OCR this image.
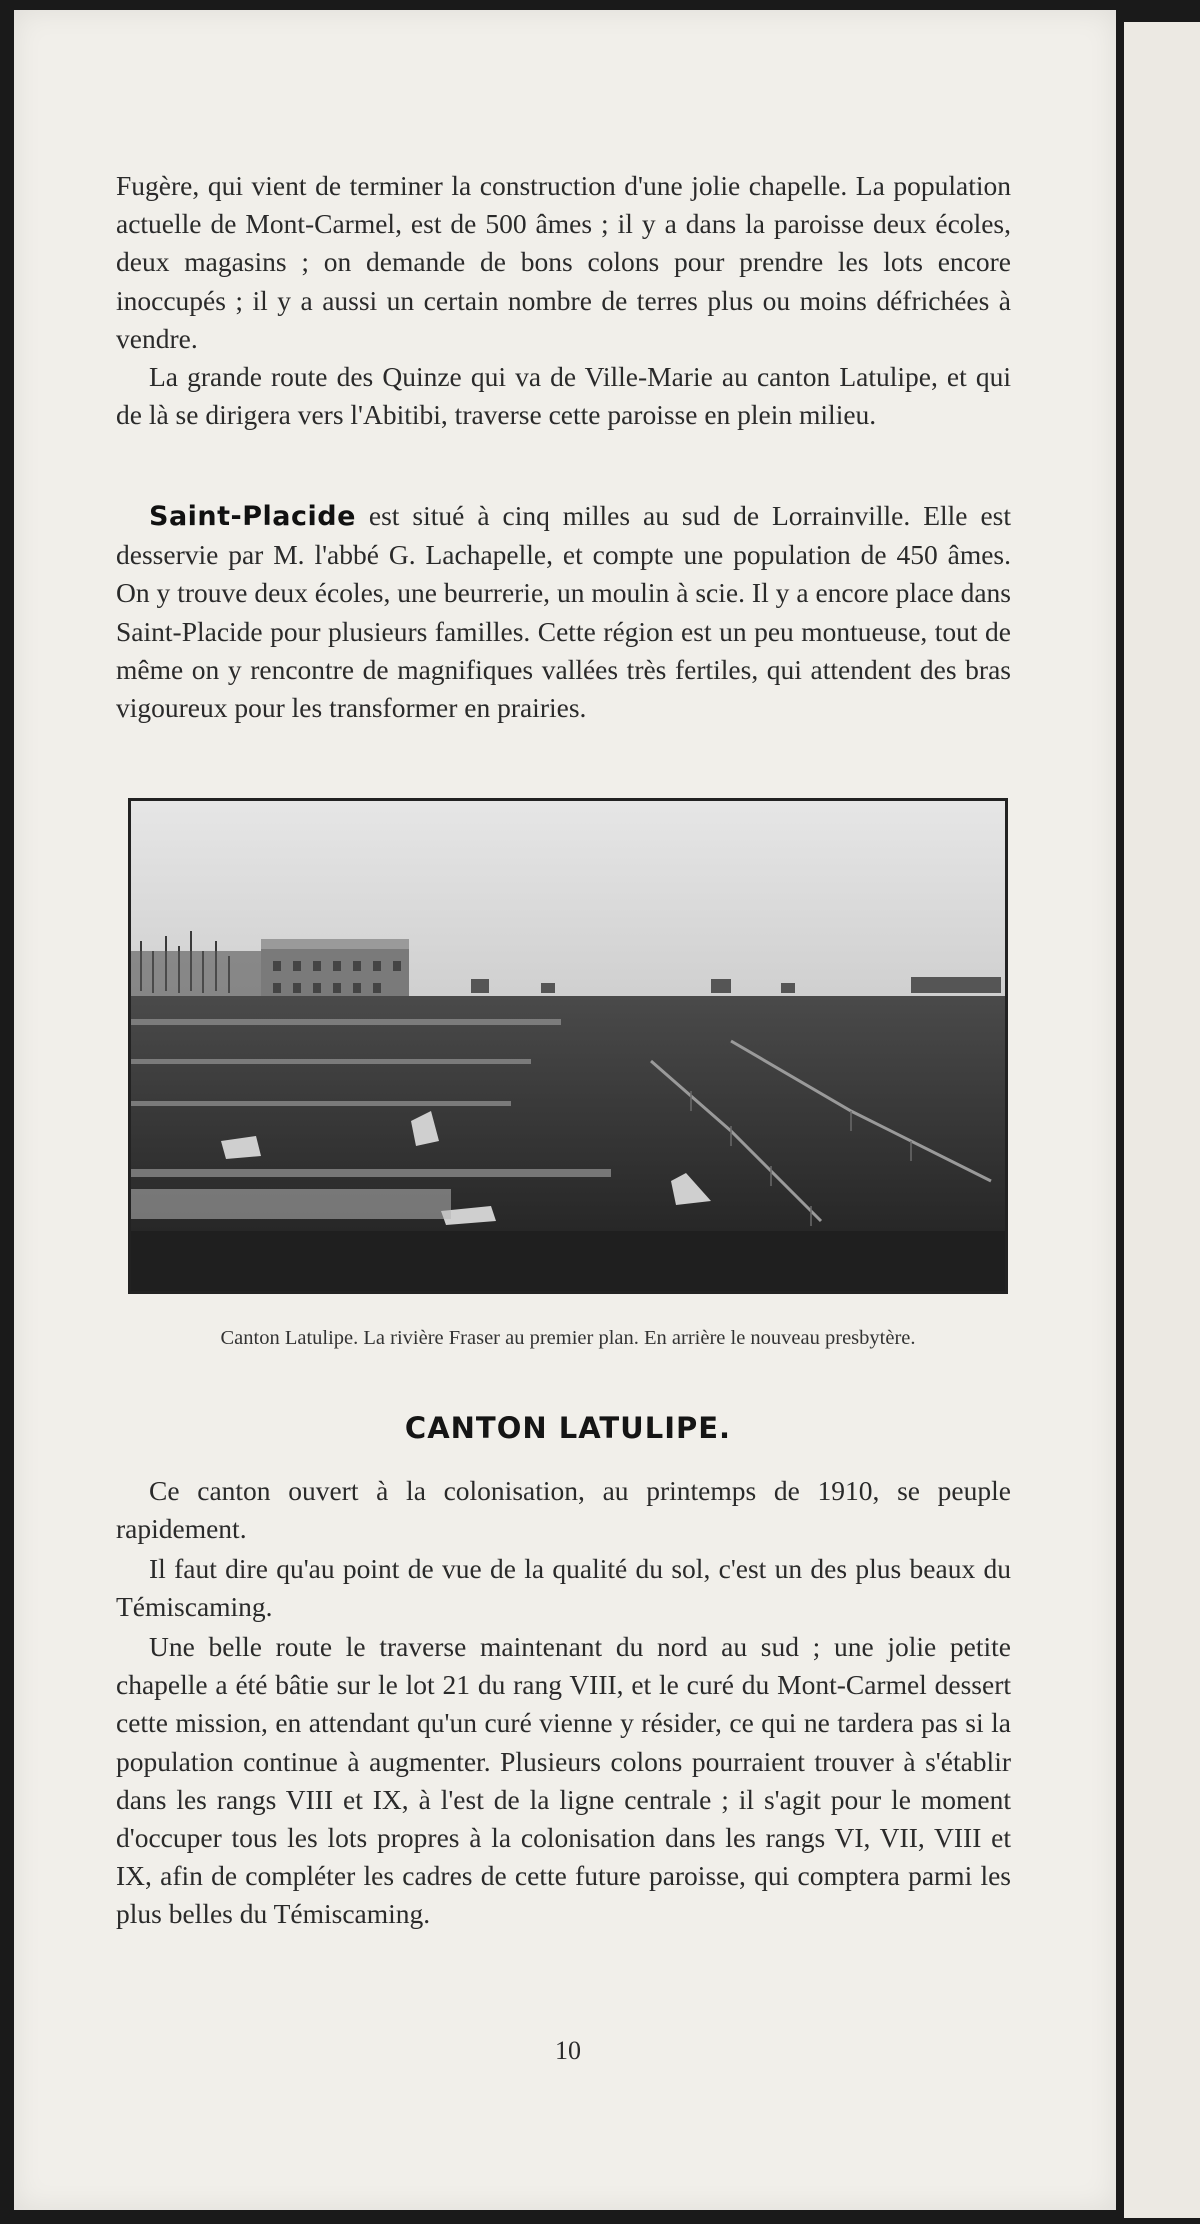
Fugère, qui vient de terminer la construction d'une jolie chapelle. La population actuelle de Mont-Carmel, est de 500 âmes ; il y a dans la paroisse deux écoles, deux magasins ; on demande de bons colons pour prendre les lots encore inoccupés ; il y a aussi un certain nombre de terres plus ou moins défrichées à vendre.

La grande route des Quinze qui va de Ville-Marie au canton Latulipe, et qui de là se dirigera vers l'Abitibi, traverse cette paroisse en plein milieu.

Saint-Placide est situé à cinq milles au sud de Lorrainville. Elle est desservie par M. l'abbé G. Lachapelle, et compte une population de 450 âmes. On y trouve deux écoles, une beurrerie, un moulin à scie. Il y a encore place dans Saint-Placide pour plusieurs familles. Cette région est un peu montueuse, tout de même on y rencontre de magnifiques vallées très fertiles, qui attendent des bras vigoureux pour les transformer en prairies.

Canton Latulipe. La rivière Fraser au premier plan. En arrière le nouveau presbytère.

CANTON LATULIPE.

Ce canton ouvert à la colonisation, au printemps de 1910, se peuple rapidement.

Il faut dire qu'au point de vue de la qualité du sol, c'est un des plus beaux du Témiscaming.

Une belle route le traverse maintenant du nord au sud ; une jolie petite chapelle a été bâtie sur le lot 21 du rang VIII, et le curé du Mont-Carmel dessert cette mission, en attendant qu'un curé vienne y résider, ce qui ne tardera pas si la population continue à augmenter. Plusieurs colons pourraient trouver à s'établir dans les rangs VIII et IX, à l'est de la ligne centrale ; il s'agit pour le moment d'occuper tous les lots propres à la colonisation dans les rangs VI, VII, VIII et IX, afin de compléter les cadres de cette future paroisse, qui comptera parmi les plus belles du Témiscaming.

10
